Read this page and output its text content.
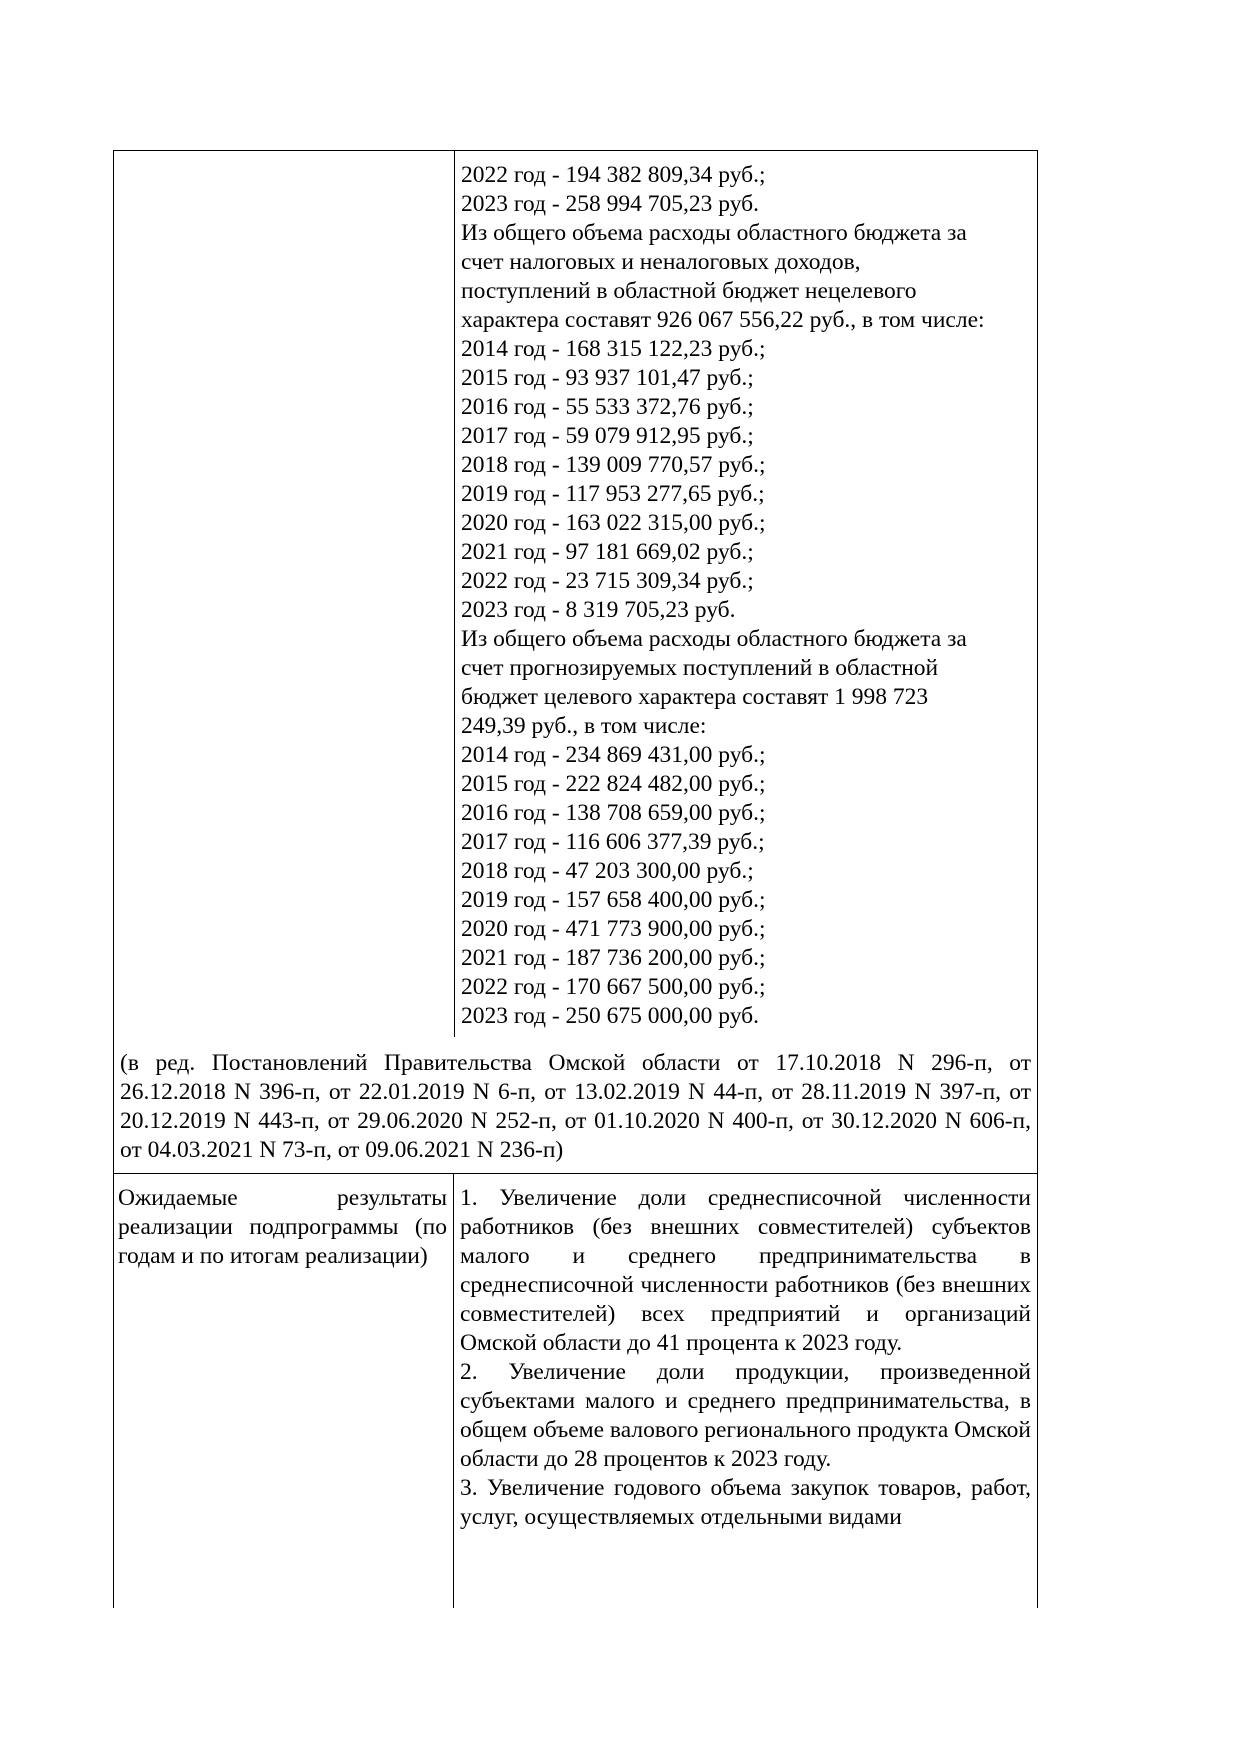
2022 год - 194 382 809,34 руб.;
2023 год - 258 994 705,23 руб.
Из общего объема расходы областного бюджета за
счет налоговых и неналоговых доходов,
поступлений в областной бюджет нецелевого
характера составят 926 067 556,22 руб., в том числе:
2014 год - 168 315 122,23 руб.;
2015 год - 93 937 101,47 руб.;
2016 год - 55 533 372,76 руб.;
2017 год - 59 079 912,95 руб.;
2018 год - 139 009 770,57 руб.;
2019 год - 117 953 277,65 руб.;
2020 год - 163 022 315,00 руб.;
2021 год - 97 181 669,02 руб.;
2022 год - 23 715 309,34 руб.;
2023 год - 8 319 705,23 руб.
Из общего объема расходы областного бюджета за
счет прогнозируемых поступлений в областной
бюджет целевого характера составят 1 998 723
249,39 руб., в том числе:
2014 год - 234 869 431,00 руб.;
2015 год - 222 824 482,00 руб.;
2016 год - 138 708 659,00 руб.;
2017 год - 116 606 377,39 руб.;
2018 год - 47 203 300,00 руб.;
2019 год - 157 658 400,00 руб.;
2020 год - 471 773 900,00 руб.;
2021 год - 187 736 200,00 руб.;
2022 год - 170 667 500,00 руб.;
2023 год - 250 675 000,00 руб.
(в ред. Постановлений Правительства Омской области от 17.10.2018 N 296-п, от 26.12.2018 N 396-п, от 22.01.2019 N 6-п, от 13.02.2019 N 44-п, от 28.11.2019 N 397-п, от 20.12.2019 N 443-п, от 29.06.2020 N 252-п, от 01.10.2020 N 400-п, от 30.12.2020 N 606-п, от 04.03.2021 N 73-п, от 09.06.2021 N 236-п)
Ожидаемые результаты реализации подпрограммы (по годам и по итогам реализации)

1. Увеличение доли среднесписочной численности работников (без внешних совместителей) субъектов малого и среднего предпринимательства в среднесписочной численности работников (без внешних совместителей) всех предприятий и организаций Омской области до 41 процента к 2023 году.

2. Увеличение доли продукции, произведенной субъектами малого и среднего предпринимательства, в общем объеме валового регионального продукта Омской области до 28 процентов к 2023 году.

3. Увеличение годового объема закупок товаров, работ, услуг, осуществляемых отдельными видами
